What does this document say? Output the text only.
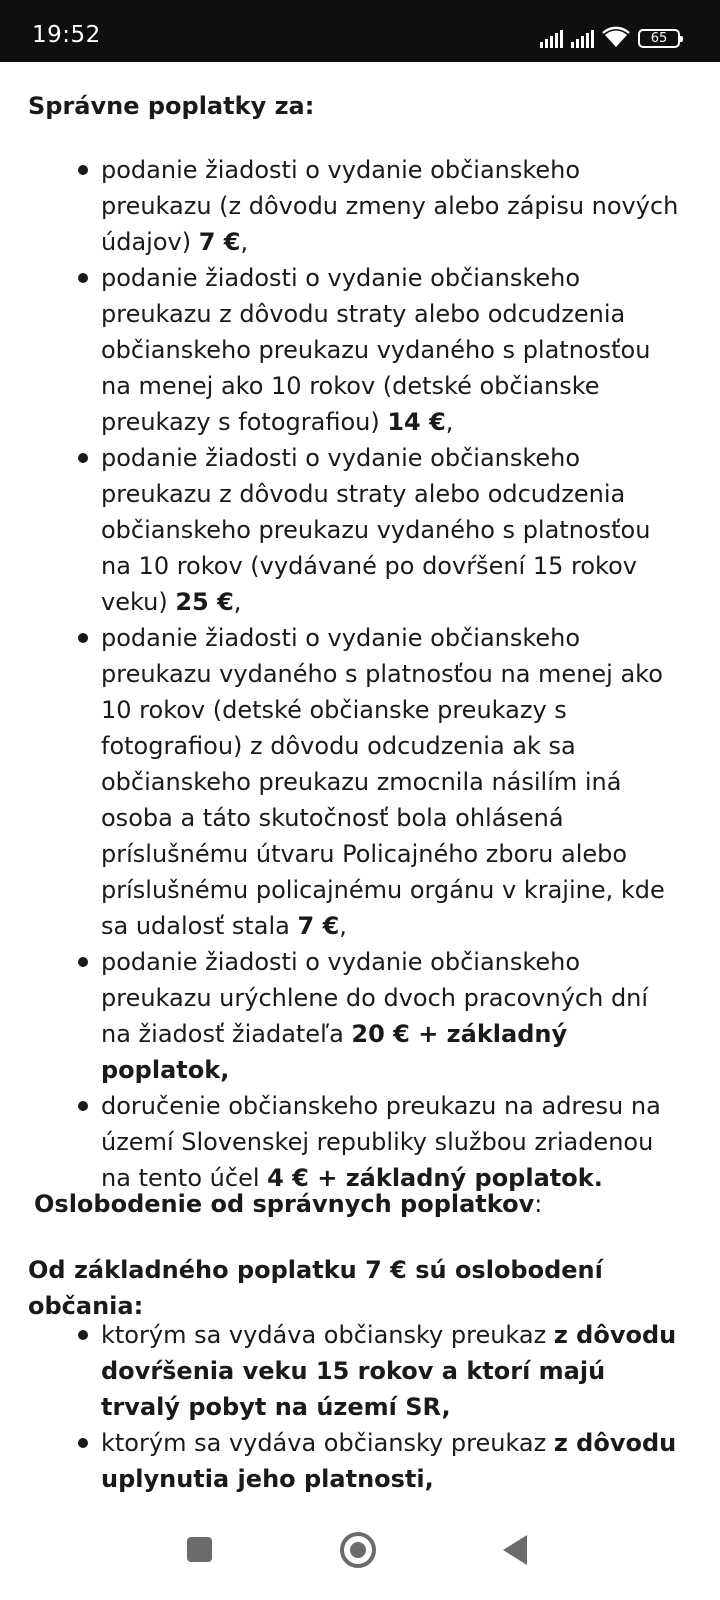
19:52	65
Správne poplatky za:
podanie žiadosti o vydanie občianskeho preukazu (z dôvodu zmeny alebo zápisu nových údajov) 7 €,
podanie žiadosti o vydanie občianskeho preukazu z dôvodu straty alebo odcudzenia občianskeho preukazu vydaného s platnosťou na menej ako 10 rokov (detské občianske preukazy s fotografiou) 14 €,
podanie žiadosti o vydanie občianskeho preukazu z dôvodu straty alebo odcudzenia občianskeho preukazu vydaného s platnosťou na 10 rokov (vydávané po dovŕšení 15 rokov veku) 25 €,
podanie žiadosti o vydanie občianskeho preukazu vydaného s platnosťou na menej ako 10 rokov (detské občianske preukazy s fotografiou) z dôvodu odcudzenia ak sa občianskeho preukazu zmocnila násilím iná osoba a táto skutočnosť bola ohlásená príslušnému útvaru Policajného zboru alebo príslušnému policajnému orgánu v krajine, kde sa udalosť stala 7 €,
podanie žiadosti o vydanie občianskeho preukazu urýchlene do dvoch pracovných dní na žiadosť žiadateľa 20 € + základný poplatok,
doručenie občianskeho preukazu na adresu na území Slovenskej republiky službou zriadenou na tento účel 4 € + základný poplatok.
Oslobodenie od správnych poplatkov:
Od základného poplatku 7 € sú oslobodení občania:
ktorým sa vydáva občiansky preukaz z dôvodu dovŕšenia veku 15 rokov a ktorí majú trvalý pobyt na území SR,
ktorým sa vydáva občiansky preukaz z dôvodu uplynutia jeho platnosti,
